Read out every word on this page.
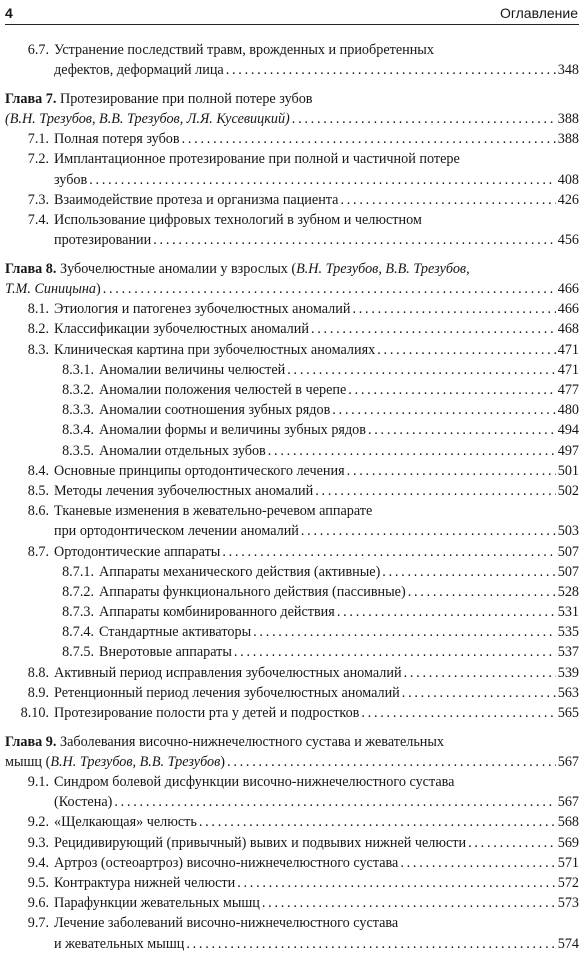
4	Оглавление
6.7. Устранение последствий травм, врожденных и приобретенных
дефектов, деформаций лица . . .	348
Глава 7. Протезирование при полной потере зубов
(В.Н. Трезубов, В.В. Трезубов, Л.Я. Кусевицкий) . . .	388
7.1. Полная потеря зубов . . .	388
7.2. Имплантационное протезирование при полной и частичной потере
зубов . . .	408
7.3. Взаимодействие протеза и организма пациента . . .	426
7.4. Использование цифровых технологий в зубном и челюстном
протезировании . . .	456
Глава 8. Зубочелюстные аномалии у взрослых (В.Н. Трезубов, В.В. Трезубов,
Т.М. Синицына) . . .	466
8.1. Этиология и патогенез зубочелюстных аномалий . . .	466
8.2. Классификации зубочелюстных аномалий . . .	468
8.3. Клиническая картина при зубочелюстных аномалиях . . .	471
8.3.1. Аномалии величины челюстей . . .	471
8.3.2. Аномалии положения челюстей в черепе . . .	477
8.3.3. Аномалии соотношения зубных рядов . . .	480
8.3.4. Аномалии формы и величины зубных рядов . . .	494
8.3.5. Аномалии отдельных зубов . . .	497
8.4. Основные принципы ортодонтического лечения . . .	501
8.5. Методы лечения зубочелюстных аномалий . . .	502
8.6. Тканевые изменения в жевательно-речевом аппарате
при ортодонтическом лечении аномалий . . .	503
8.7. Ортодонтические аппараты . . .	507
8.7.1. Аппараты механического действия (активные) . . .	507
8.7.2. Аппараты функционального действия (пассивные) . . .	528
8.7.3. Аппараты комбинированного действия . . .	531
8.7.4. Стандартные активаторы . . .	535
8.7.5. Внеротовые аппараты . . .	537
8.8. Активный период исправления зубочелюстных аномалий . . .	539
8.9. Ретенционный период лечения зубочелюстных аномалий . . .	563
8.10. Протезирование полости рта у детей и подростков . . .	565
Глава 9. Заболевания височно-нижнечелюстного сустава и жевательных
мышц (В.Н. Трезубов, В.В. Трезубов) . . .	567
9.1. Синдром болевой дисфункции височно-нижнечелюстного сустава
(Костена) . . .	567
9.2. «Щелкающая» челюсть . . .	568
9.3. Рецидивирующий (привычный) вывих и подвывих нижней челюсти . . .	569
9.4. Артроз (остеоартроз) височно-нижнечелюстного сустава . . .	571
9.5. Контрактура нижней челюсти . . .	572
9.6. Парафункции жевательных мышц . . .	573
9.7. Лечение заболеваний височно-нижнечелюстного сустава
и жевательных мышц . . .	574
